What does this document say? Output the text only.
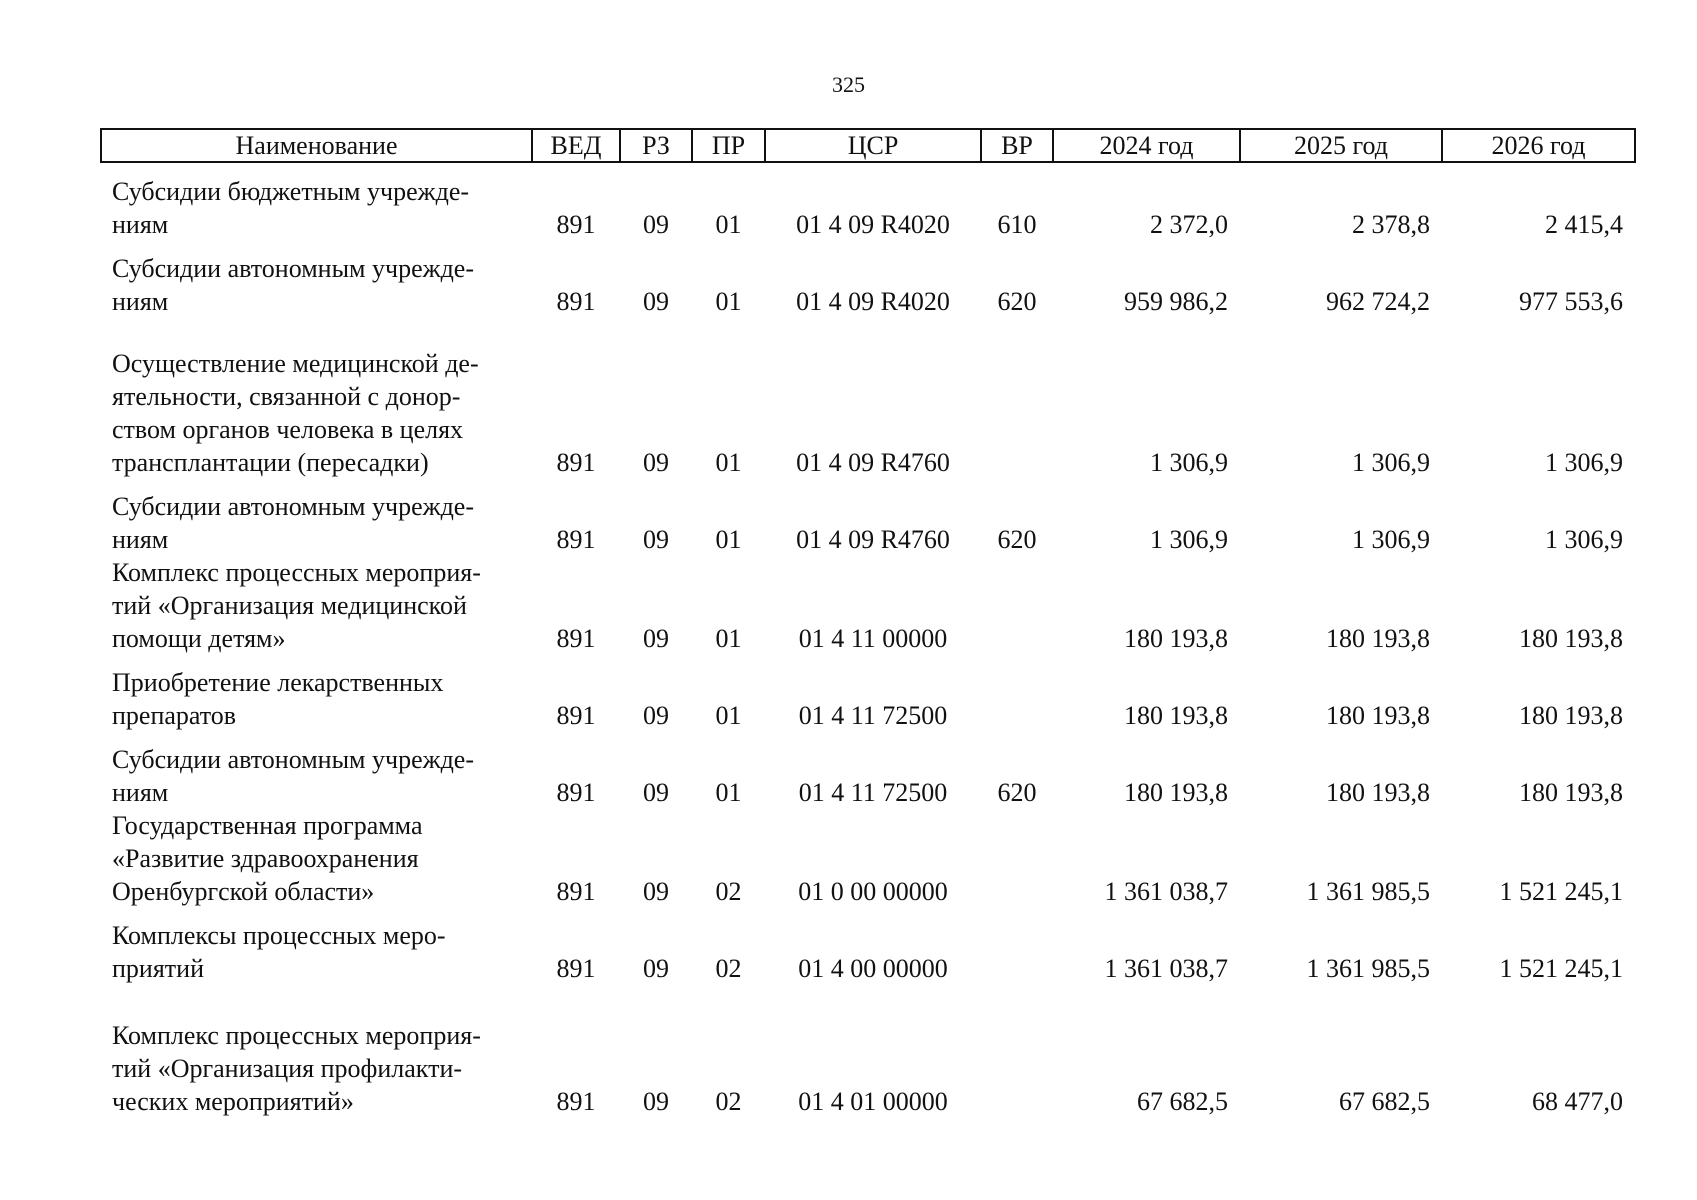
325
Наименование	ВЕД	РЗ	ПР	ЦСР	ВР	2024 год	2025 год	2026 год
Субсидии бюджетным учрежде-
ниям	891	09	01	01 4 09 R4020	610	2 372,0	2 378,8	2 415,4
Субсидии автономным учрежде-
ниям	891	09	01	01 4 09 R4020	620	959 986,2	962 724,2	977 553,6
Осуществление медицинской де-
ятельности, связанной с донор-
ством органов человека в целях
трансплантации (пересадки)	891	09	01	01 4 09 R4760		1 306,9	1 306,9	1 306,9
Субсидии автономным учрежде-
ниям	891	09	01	01 4 09 R4760	620	1 306,9	1 306,9	1 306,9
Комплекс процессных мероприя-
тий «Организация медицинской
помощи детям»	891	09	01	01 4 11 00000		180 193,8	180 193,8	180 193,8
Приобретение лекарственных
препаратов	891	09	01	01 4 11 72500		180 193,8	180 193,8	180 193,8
Субсидии автономным учрежде-
ниям	891	09	01	01 4 11 72500	620	180 193,8	180 193,8	180 193,8
Государственная программа
«Развитие здравоохранения
Оренбургской области»	891	09	02	01 0 00 00000		1 361 038,7	1 361 985,5	1 521 245,1
Комплексы процессных меро-
приятий	891	09	02	01 4 00 00000		1 361 038,7	1 361 985,5	1 521 245,1
Комплекс процессных мероприя-
тий «Организация профилакти-
ческих мероприятий»	891	09	02	01 4 01 00000		67 682,5	67 682,5	68 477,0
